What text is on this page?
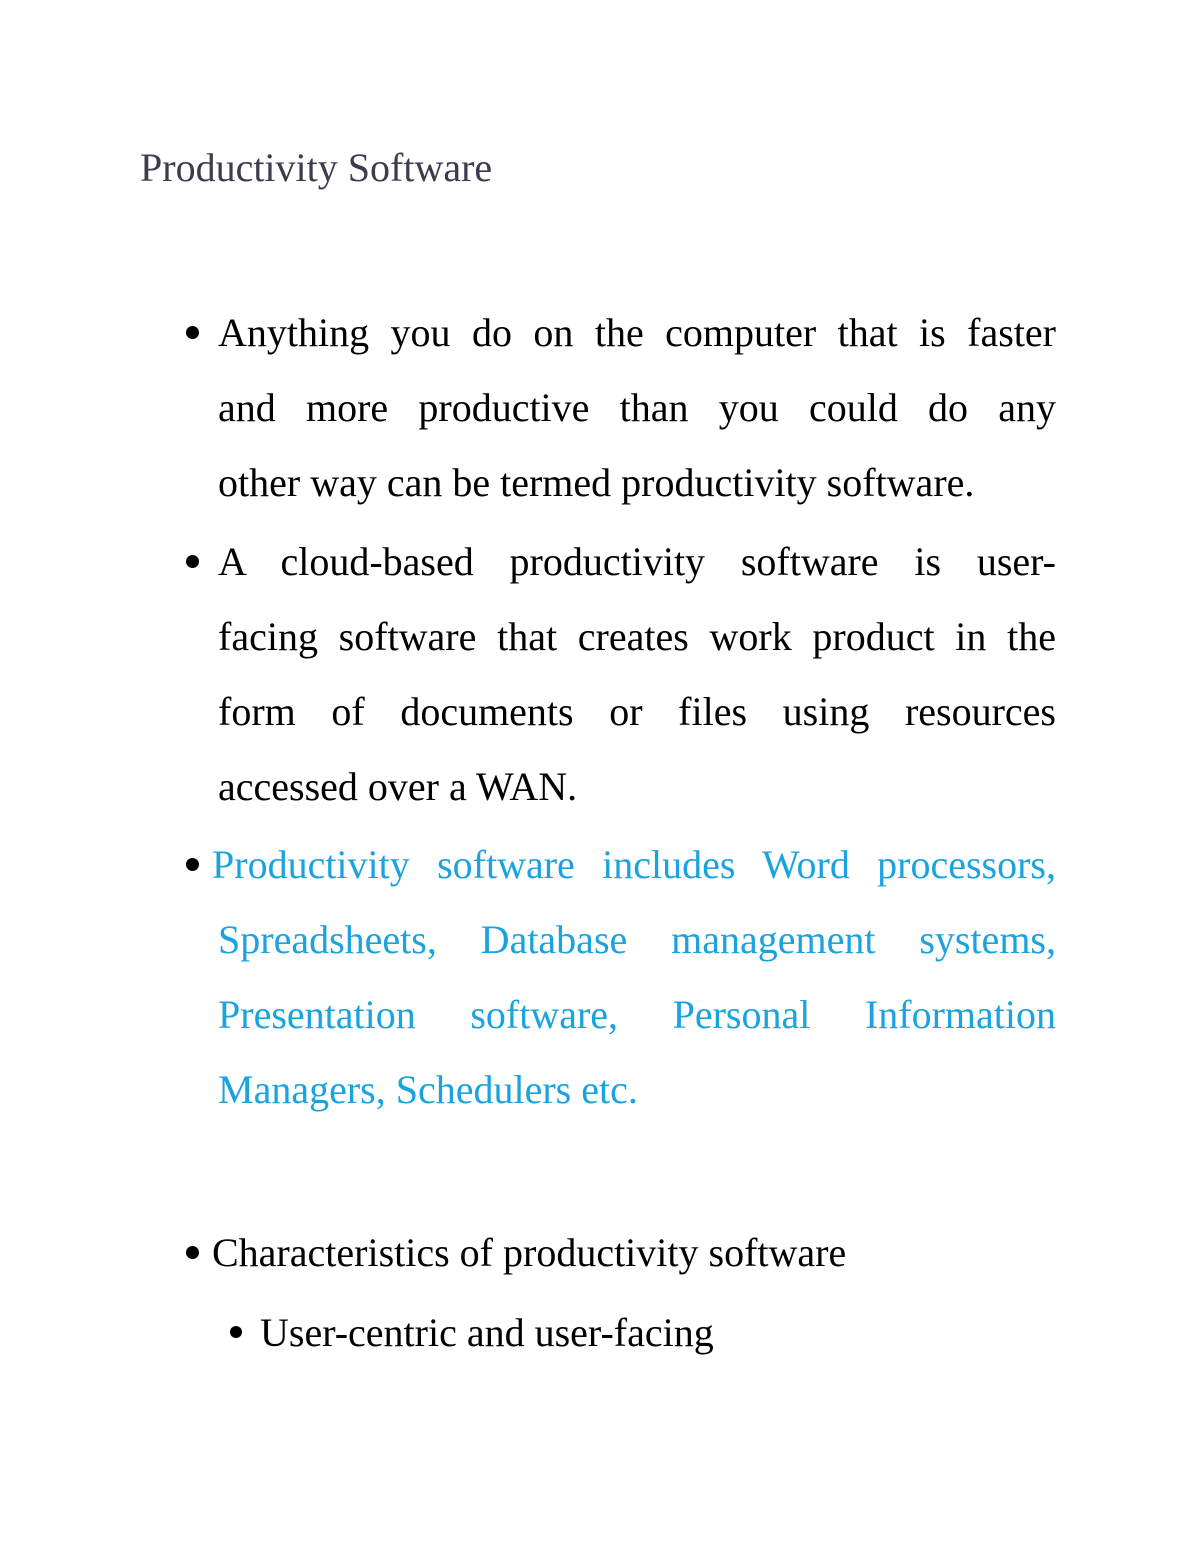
Productivity Software
Anything you do on the computer that is faster
and more productive than you could do any
other way can be termed productivity software.
A cloud-based productivity software is user-
facing software that creates work product in the
form of documents or files using resources
accessed over a WAN.
Productivity software includes Word processors,
Spreadsheets, Database management systems,
Presentation software, Personal Information
Managers, Schedulers etc.
Characteristics of productivity software
User-centric and user-facing
